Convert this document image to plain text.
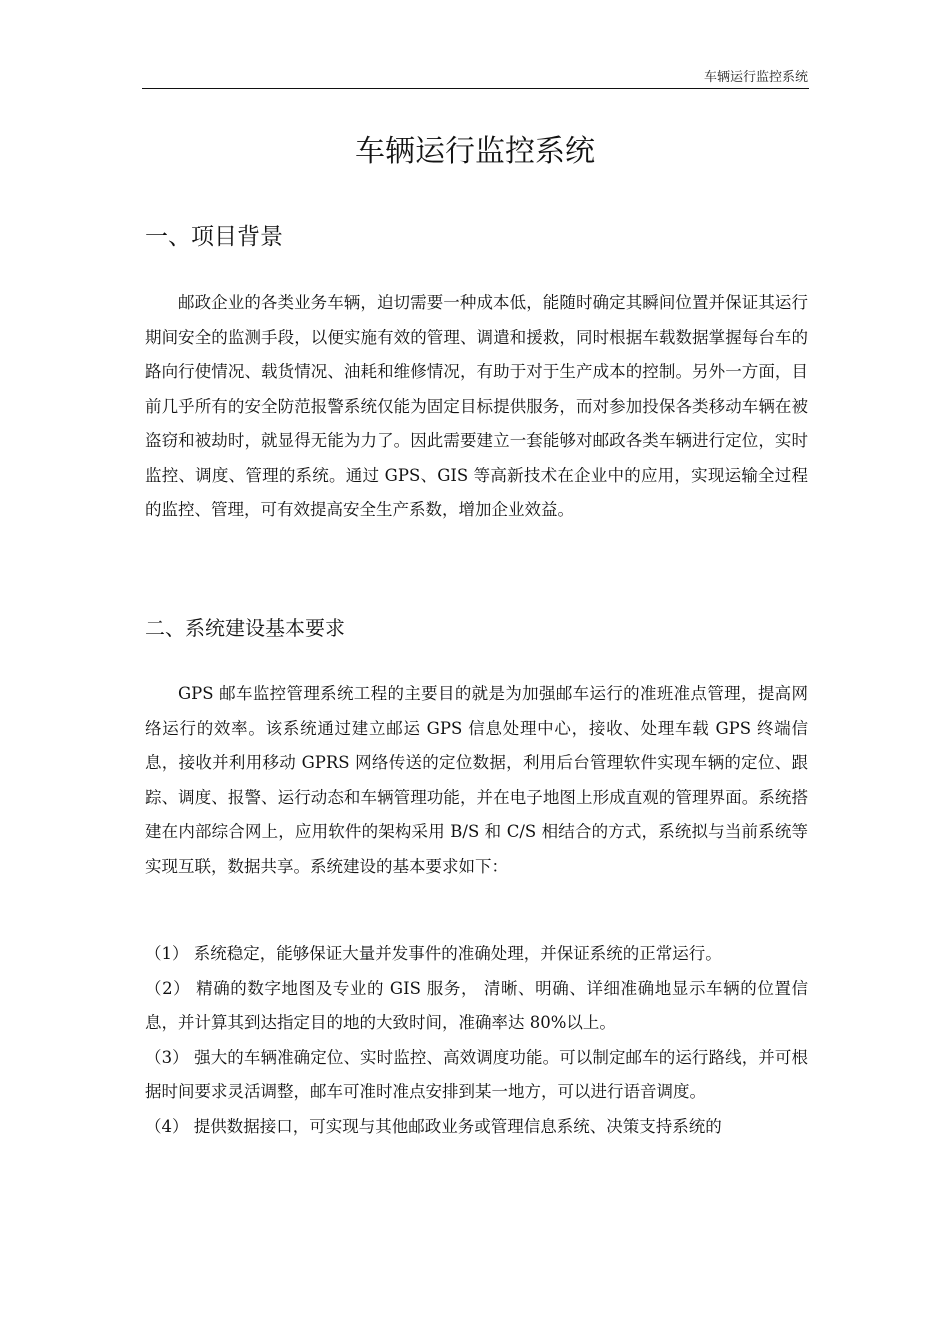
车辆运行监控系统
车辆运行监控系统
一、项目背景

邮政企业的各类业务车辆，迫切需要一种成本低，能随时确定其瞬间位置并保证其运行期间安全的监测手段，以便实施有效的管理、调遣和援救，同时根据车载数据掌握每台车的路向行使情况、载货情况、油耗和维修情况，有助于对于生产成本的控制。另外一方面，目前几乎所有的安全防范报警系统仅能为固定目标提供服务，而对参加投保各类移动车辆在被盗窃和被劫时，就显得无能为力了。因此需要建立一套能够对邮政各类车辆进行定位，实时监控、调度、管理的系统。通过 GPS、GIS 等高新技术在企业中的应用，实现运输全过程的监控、管理，可有效提高安全生产系数，增加企业效益。

二、系统建设基本要求

GPS 邮车监控管理系统工程的主要目的就是为加强邮车运行的准班准点管理，提高网络运行的效率。该系统通过建立邮运 GPS 信息处理中心，接收、处理车载 GPS 终端信息，接收并利用移动 GPRS 网络传送的定位数据，利用后台管理软件实现车辆的定位、跟踪、调度、报警、运行动态和车辆管理功能，并在电子地图上形成直观的管理界面。系统搭建在内部综合网上，应用软件的架构采用 B/S 和 C/S 相结合的方式，系统拟与当前系统等实现互联，数据共享。系统建设的基本要求如下：

（1） 系统稳定，能够保证大量并发事件的准确处理，并保证系统的正常运行。

（2） 精确的数字地图及专业的 GIS 服务， 清晰、明确、详细准确地显示车辆的位置信息，并计算其到达指定目的地的大致时间，准确率达 80%以上。

（3） 强大的车辆准确定位、实时监控、高效调度功能。可以制定邮车的运行路线，并可根据时间要求灵活调整，邮车可准时准点安排到某一地方，可以进行语音调度。

（4） 提供数据接口，可实现与其他邮政业务或管理信息系统、决策支持系统的
